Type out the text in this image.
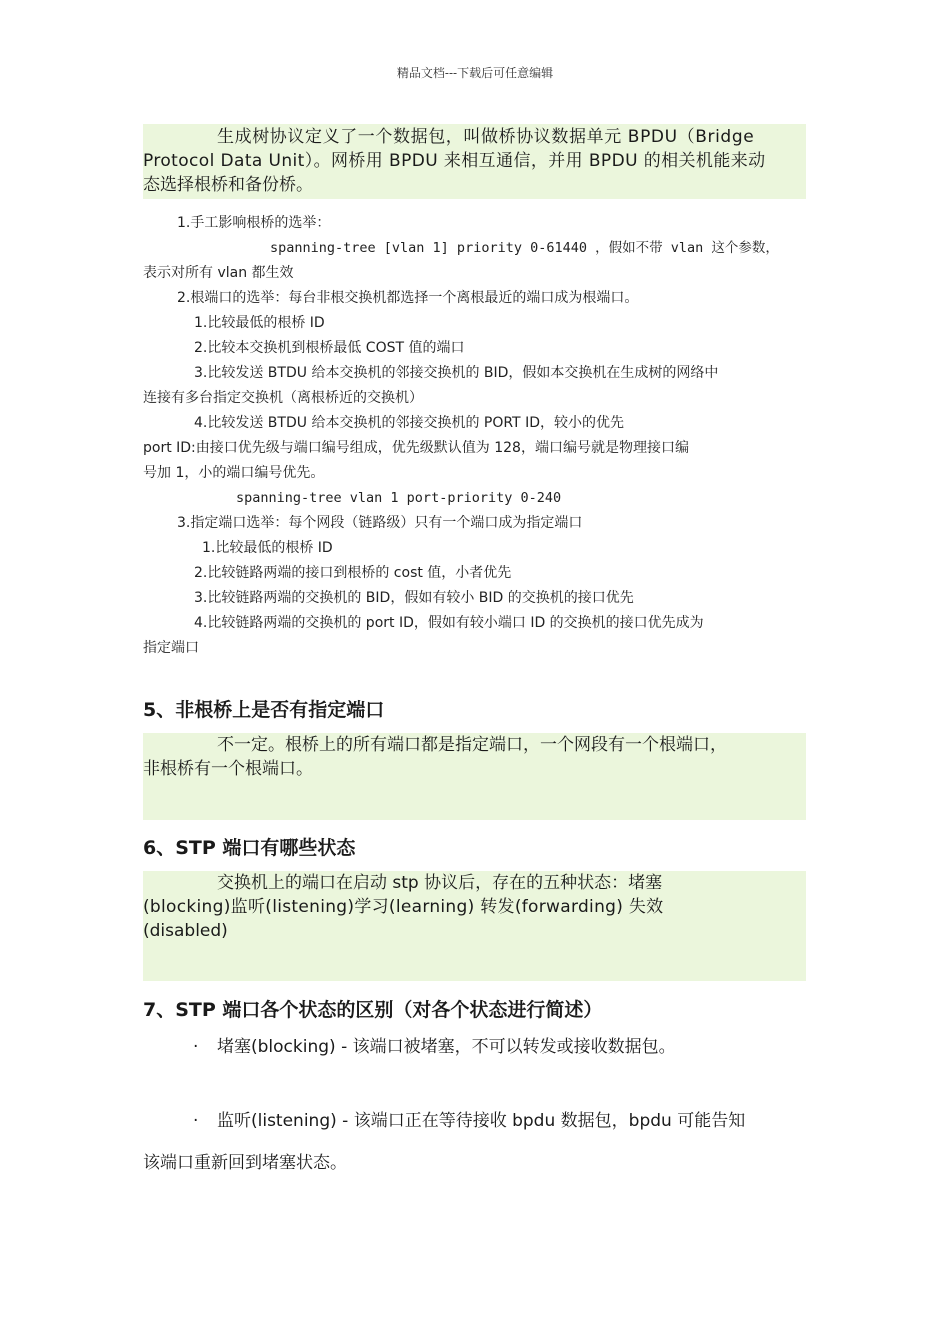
精品文档---下载后可任意编辑

生成树协议定义了一个数据包，叫做桥协议数据单元 BPDU（Bridge

Protocol Data Unit）。网桥用 BPDU 来相互通信，并用 BPDU 的相关机能来动

态选择根桥和备份桥。

1.手工影响根桥的选举：
spanning-tree [vlan 1] priority 0-61440 ，假如不带 vlan 这个参数，
表示对所有 vlan 都生效
2.根端口的选举：每台非根交换机都选择一个离根最近的端口成为根端口。
1.比较最低的根桥 ID
2.比较本交换机到根桥最低 COST 值的端口
3.比较发送 BTDU 给本交换机的邻接交换机的 BID，假如本交换机在生成树的网络中
连接有多台指定交换机（离根桥近的交换机）
4.比较发送 BTDU 给本交换机的邻接交换机的 PORT ID，较小的优先
port ID:由接口优先级与端口编号组成，优先级默认值为 128，端口编号就是物理接口编
号加 1，小的端口编号优先。
spanning-tree vlan 1 port-priority 0-240
3.指定端口选举：每个网段（链路级）只有一个端口成为指定端口
1.比较最低的根桥 ID
2.比较链路两端的接口到根桥的 cost 值，小者优先
3.比较链路两端的交换机的 BID，假如有较小 BID 的交换机的接口优先
4.比较链路两端的交换机的 port ID，假如有较小端口 ID 的交换机的接口优先成为
指定端口
5、非根桥上是否有指定端口

不一定。根桥上的所有端口都是指定端口，一个网段有一个根端口，

非根桥有一个根端口。

6、STP 端口有哪些状态

交换机上的端口在启动 stp 协议后，存在的五种状态：堵塞

(blocking)监听(listening)学习(learning) 转发(forwarding) 失效

(disabled)

7、STP 端口各个状态的区别（对各个状态进行简述）
· 堵塞(blocking) - 该端口被堵塞，不可以转发或接收数据包。
· 监听(listening) - 该端口正在等待接收 bpdu 数据包，bpdu 可能告知
该端口重新回到堵塞状态。
